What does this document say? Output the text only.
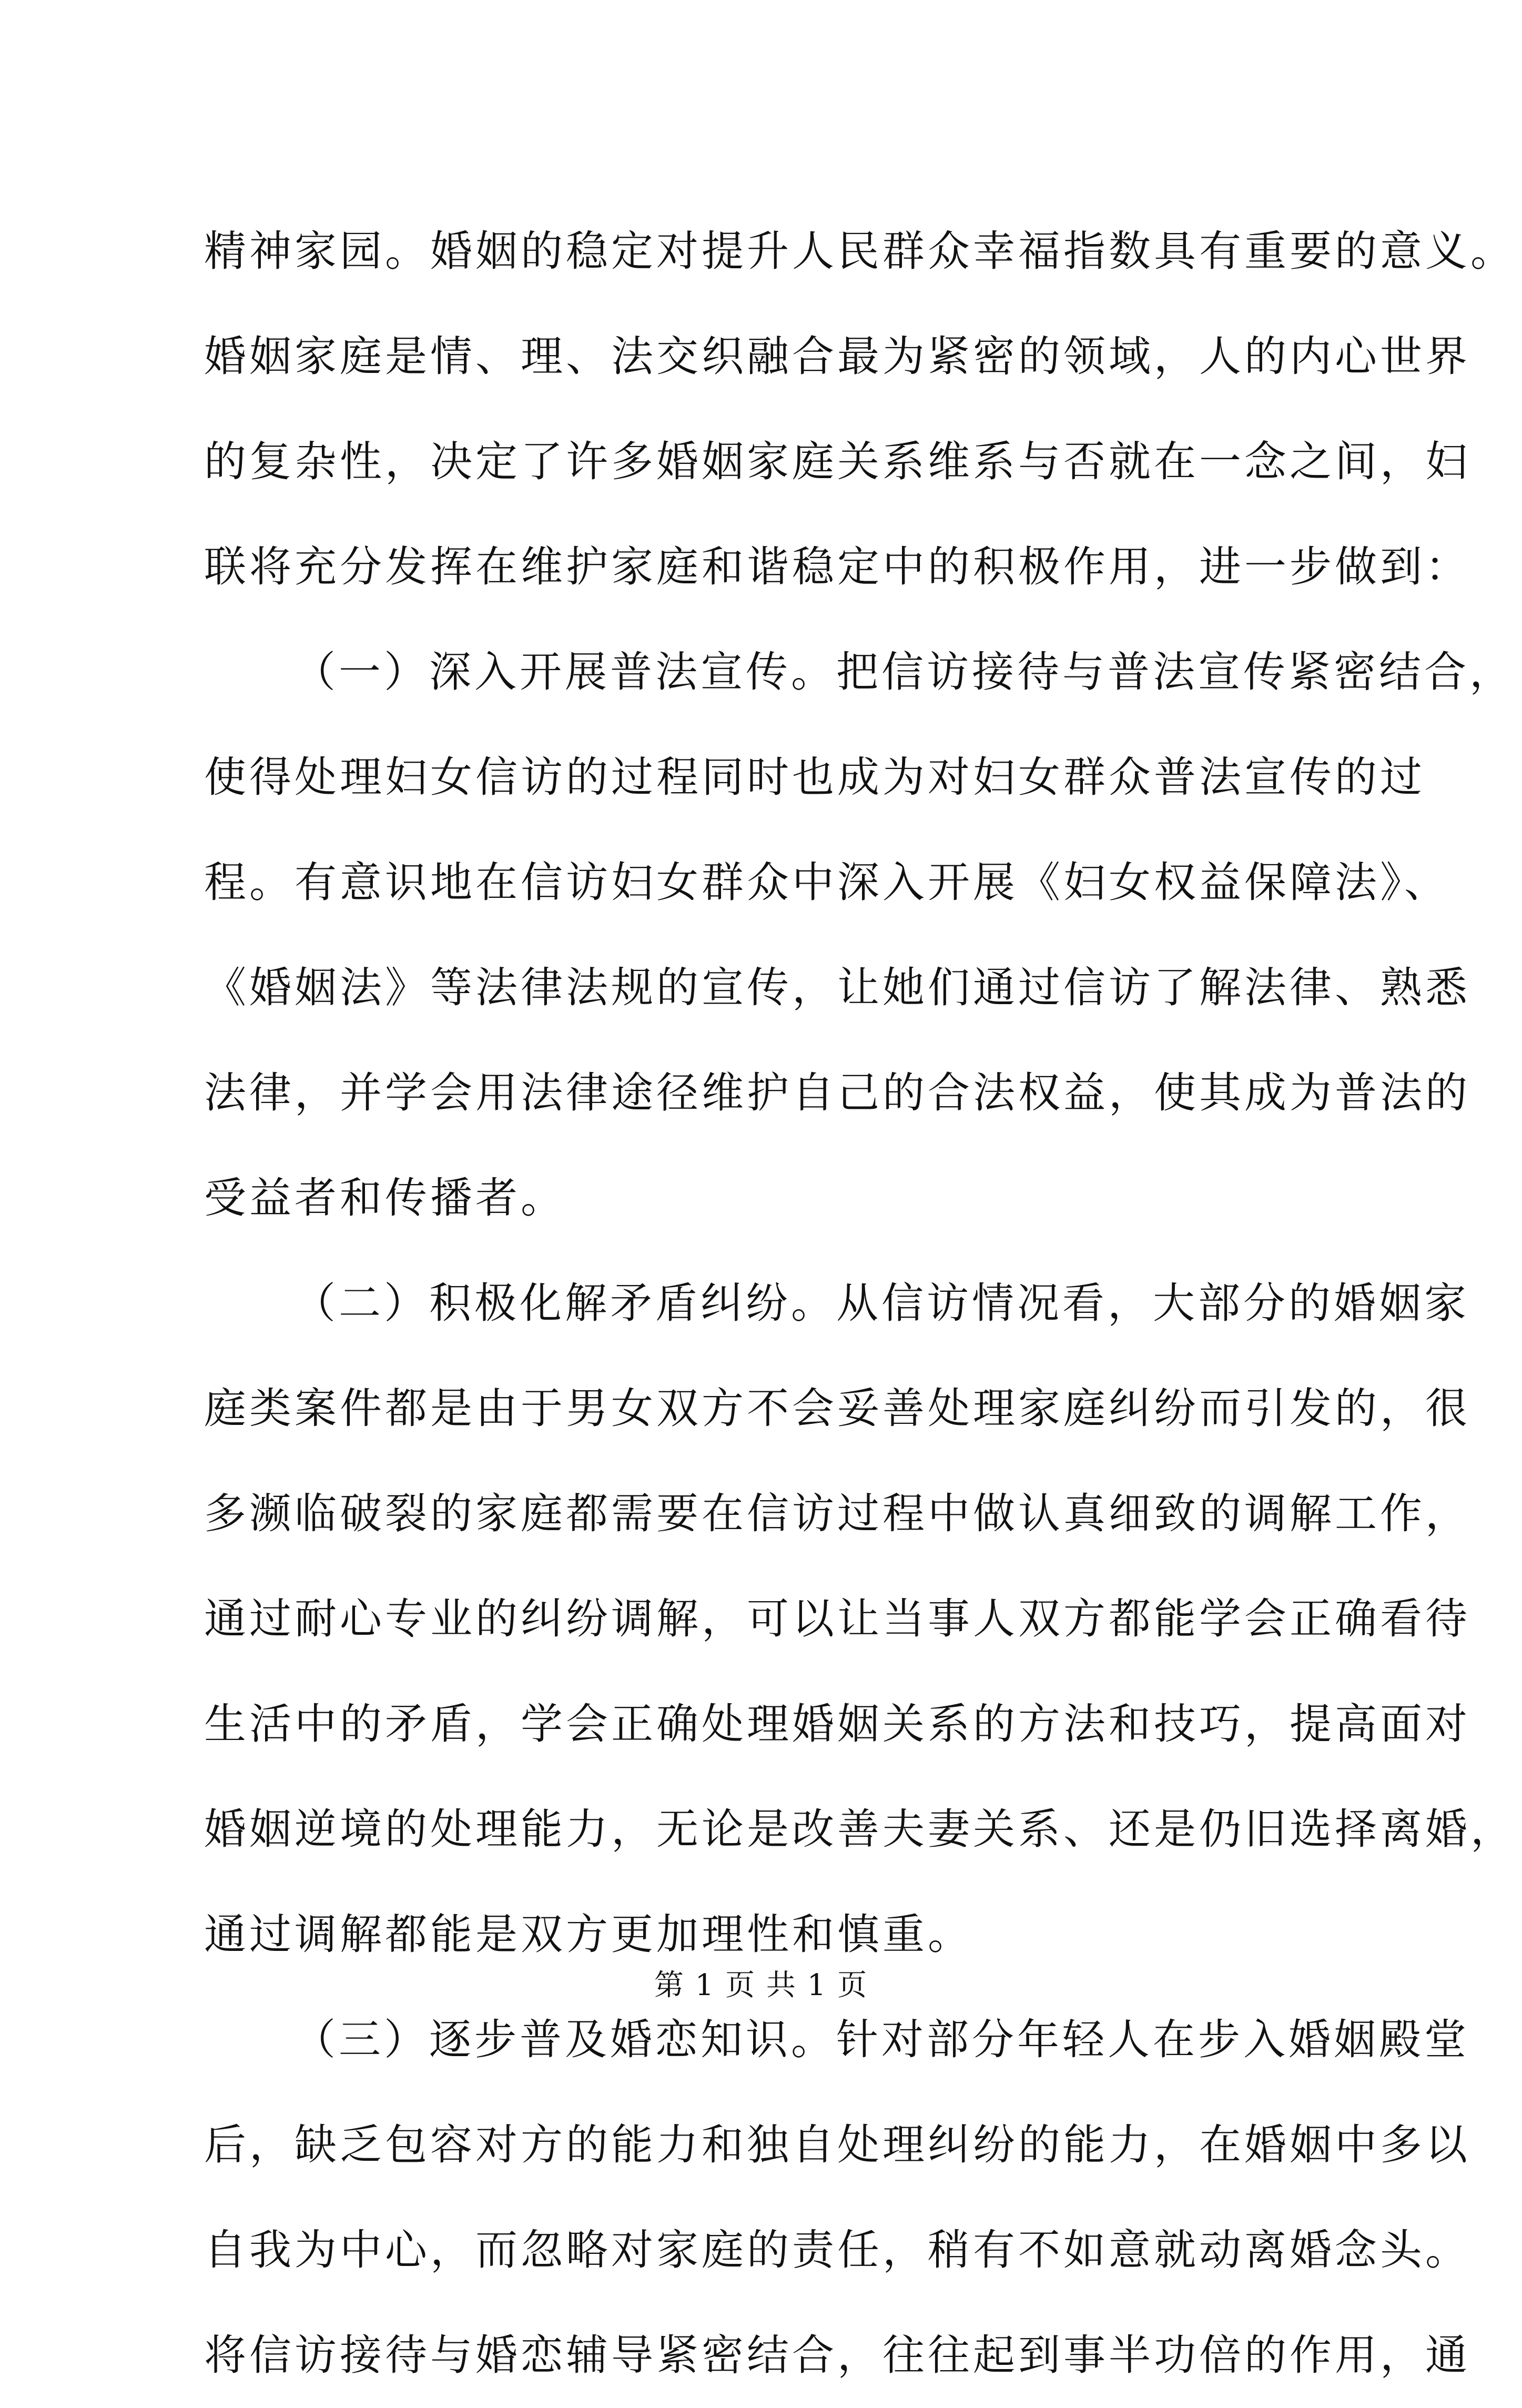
精神家园。婚姻的稳定对提升人民群众幸福指数具有重要的意义。
婚姻家庭是情、理、法交织融合最为紧密的领域，人的内心世界
的复杂性，决定了许多婚姻家庭关系维系与否就在一念之间，妇
联将充分发挥在维护家庭和谐稳定中的积极作用，进一步做到：
（一）深入开展普法宣传。把信访接待与普法宣传紧密结合，
使得处理妇女信访的过程同时也成为对妇女群众普法宣传的过
程。有意识地在信访妇女群众中深入开展《妇女权益保障法》、
《婚姻法》等法律法规的宣传，让她们通过信访了解法律、熟悉
法律，并学会用法律途径维护自己的合法权益，使其成为普法的
受益者和传播者。
（二）积极化解矛盾纠纷。从信访情况看，大部分的婚姻家
庭类案件都是由于男女双方不会妥善处理家庭纠纷而引发的，很
多濒临破裂的家庭都需要在信访过程中做认真细致的调解工作，
通过耐心专业的纠纷调解，可以让当事人双方都能学会正确看待
生活中的矛盾，学会正确处理婚姻关系的方法和技巧，提高面对
婚姻逆境的处理能力，无论是改善夫妻关系、还是仍旧选择离婚，
通过调解都能是双方更加理性和慎重。
（三）逐步普及婚恋知识。针对部分年轻人在步入婚姻殿堂
后，缺乏包容对方的能力和独自处理纠纷的能力，在婚姻中多以
自我为中心，而忽略对家庭的责任，稍有不如意就动离婚念头。
将信访接待与婚恋辅导紧密结合，往往起到事半功倍的作用，通
第 1 页 共 1 页
